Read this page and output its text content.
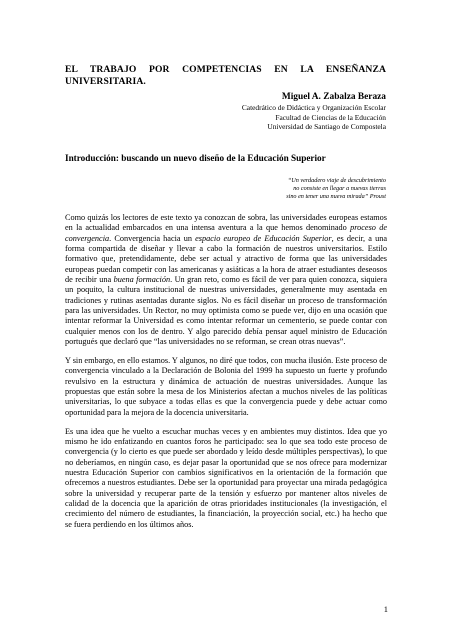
EL TRABAJO POR COMPETENCIAS EN LA ENSEÑANZA UNIVERSITARIA.
Miguel A. Zabalza Beraza
Catedrático de Didáctica y Organización Escolar
Facultad de Ciencias de la Educación
Universidad de Santiago de Compostela
Introducción: buscando un nuevo diseño de la Educación Superior
“Un verdadero viaje de descubrimiento
no consiste en llegar a nuevas tierras
sino en tener una nueva mirada” Proust

Como quizás los lectores de este texto ya conozcan de sobra, las universidades europeas estamos en la actualidad embarcados en una intensa aventura a la que hemos denominado proceso de convergencia. Convergencia hacia un espacio europeo de Educación Superior, es decir, a una forma compartida de diseñar y llevar a cabo la formación de nuestros universitarios. Estilo formativo que, pretendidamente, debe ser actual y atractivo de forma que las universidades europeas puedan competir con las americanas y asiáticas a la hora de atraer estudiantes deseosos de recibir una buena formación. Un gran reto, como es fácil de ver para quien conozca, siquiera un poquito, la cultura institucional de nuestras universidades, generalmente muy asentada en tradiciones y rutinas asentadas durante siglos. No es fácil diseñar un proceso de transformación para las universidades. Un Rector, no muy optimista como se puede ver, dijo en una ocasión que intentar reformar la Universidad es como intentar reformar un cementerio, se puede contar con cualquier menos con los de dentro. Y algo parecido debía pensar aquel ministro de Educación portugués que declaró que “las universidades no se reforman, se crean otras nuevas”.

Y sin embargo, en ello estamos. Y algunos, no diré que todos, con mucha ilusión. Este proceso de convergencia vinculado a la Declaración de Bolonia del 1999 ha supuesto un fuerte y profundo revulsivo en la estructura y dinámica de actuación de nuestras universidades. Aunque las propuestas que están sobre la mesa de los Ministerios afectan a muchos niveles de las políticas universitarias, lo que subyace a todas ellas es que la convergencia puede y debe actuar como oportunidad para la mejora de la docencia universitaria.

Es una idea que he vuelto a escuchar muchas veces y en ambientes muy distintos. Idea que yo mismo he ido enfatizando en cuantos foros he participado: sea lo que sea todo este proceso de convergencia (y lo cierto es que puede ser abordado y leído desde múltiples perspectivas), lo que no deberíamos, en ningún caso, es dejar pasar la oportunidad que se nos ofrece para modernizar nuestra Educación Superior con cambios significativos en la orientación de la formación que ofrecemos a nuestros estudiantes. Debe ser la oportunidad para proyectar una mirada pedagógica sobre la universidad y recuperar parte de la tensión y esfuerzo por mantener altos niveles de calidad de la docencia que la aparición de otras prioridades institucionales (la investigación, el crecimiento del número de estudiantes, la financiación, la proyección social, etc.) ha hecho que se fuera perdiendo en los últimos años.

1
